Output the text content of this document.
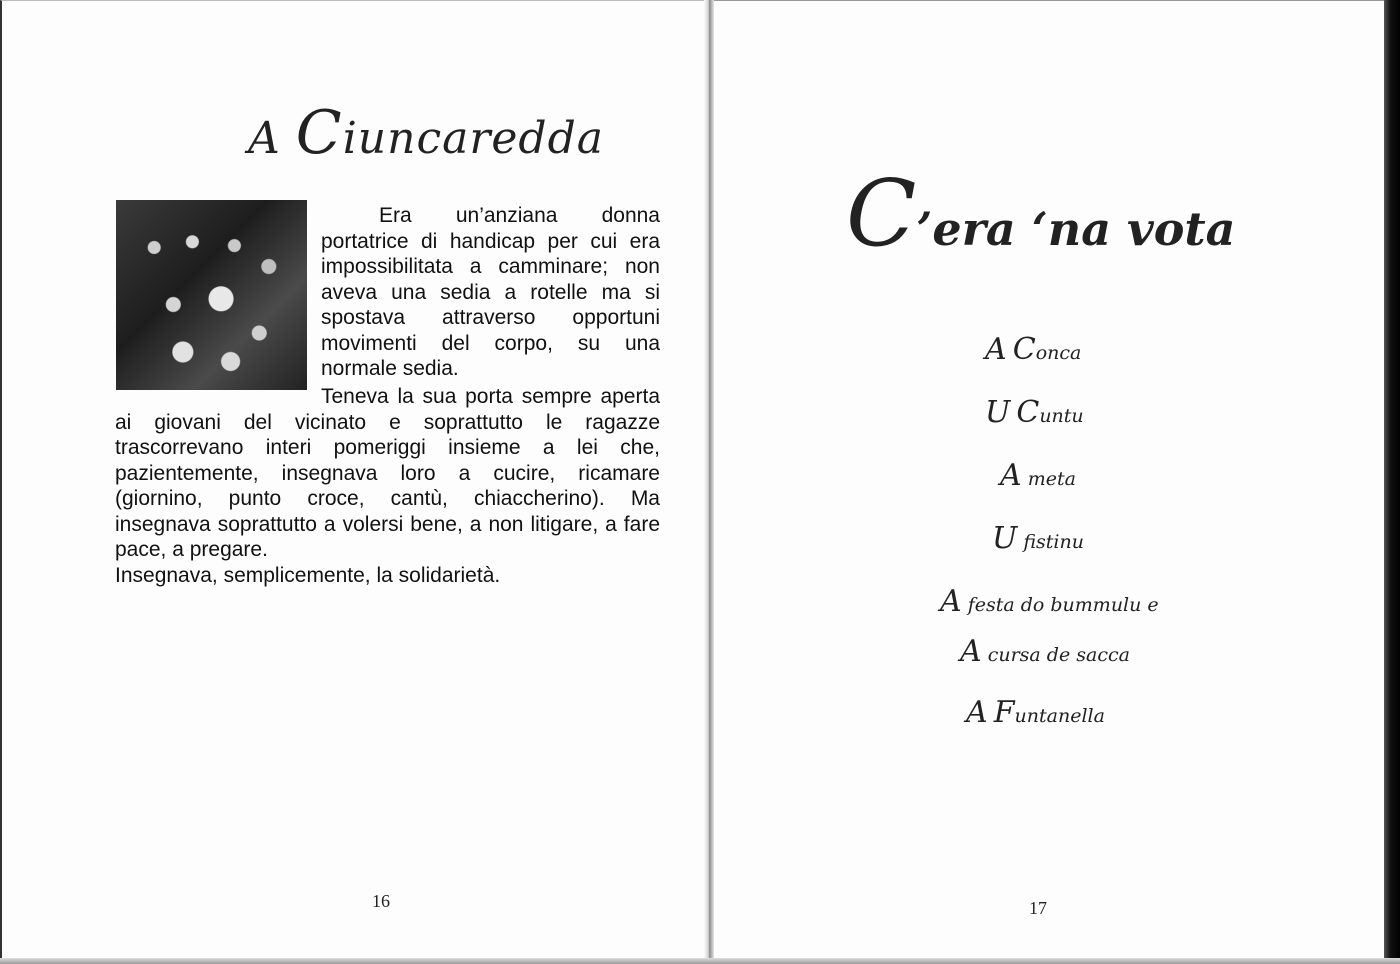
A Ciuncaredda

Era un’anziana donna portatrice di handicap per cui era impossibilitata a camminare; non aveva una sedia a rotelle ma si spostava attraverso opportuni movimenti del corpo, su una normale sedia.

Teneva la sua porta sempre aperta ai giovani del vicinato e soprattutto le ragazze trascorrevano interi pomeriggi insieme a lei che, pazientemente, insegnava loro a cucire, ricamare (giornino, punto croce, cantù, chiaccherino). Ma insegnava soprattutto a volersi bene, a non litigare, a fare pace, a pregare.

Insegnava, semplicemente, la solidarietà.

16
C’era ‘na vota
A Conca
U Cuntu
A meta
U fistinu
A festa do bummulu e
A cursa de sacca
A Funtanella
17
